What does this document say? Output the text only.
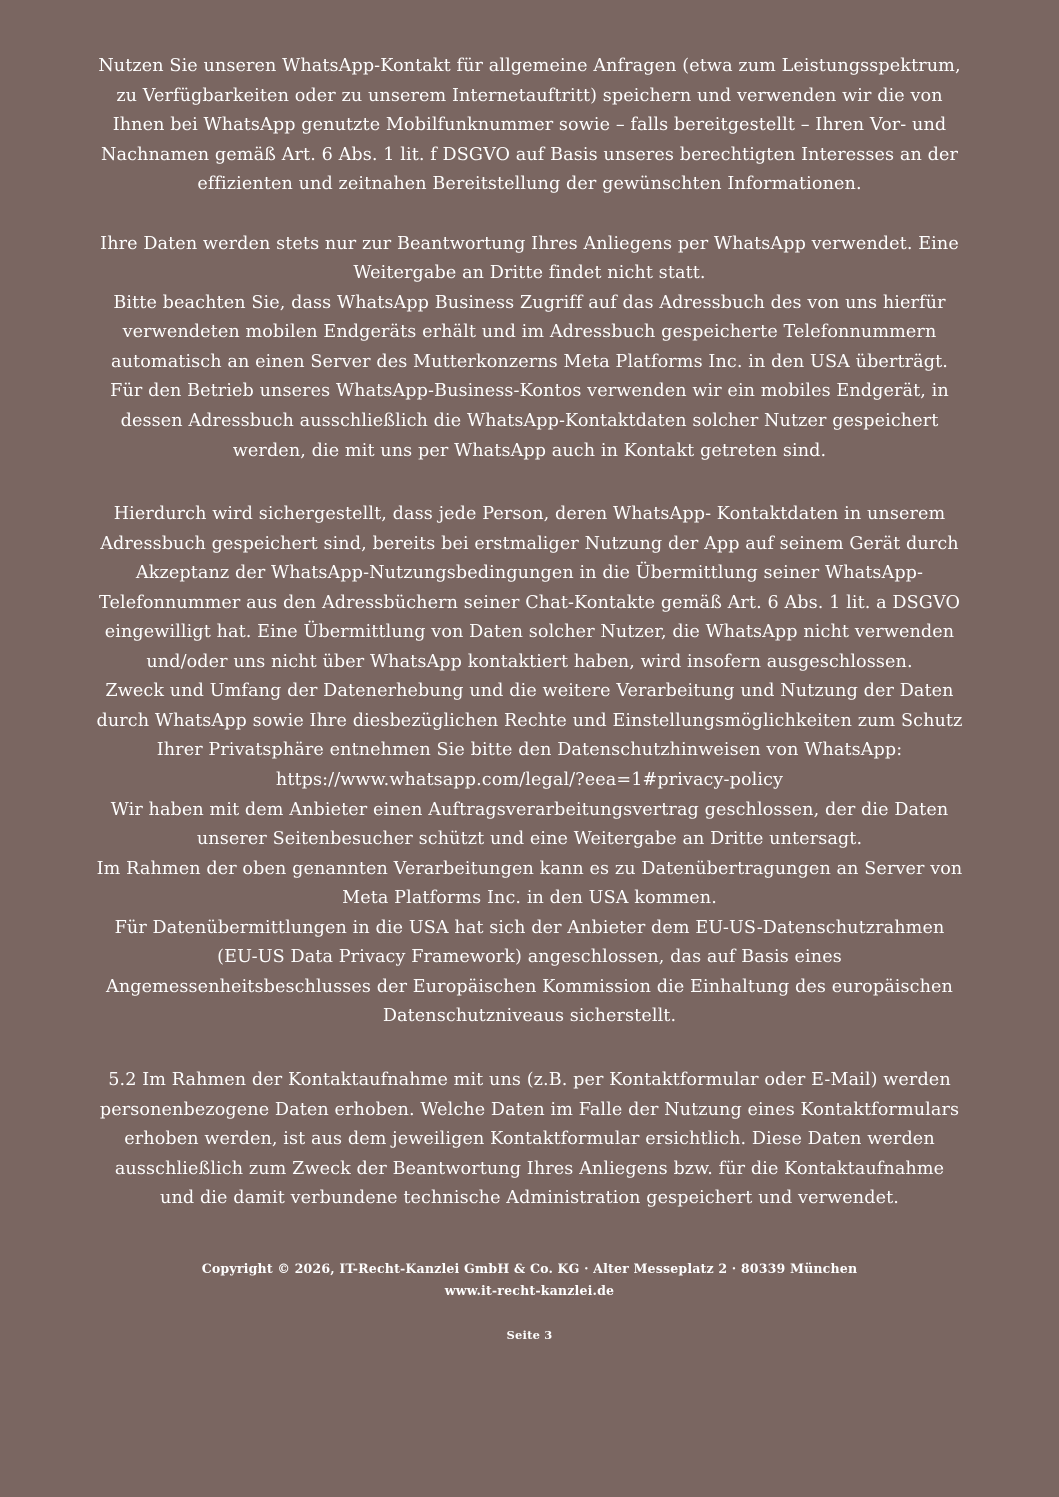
Nutzen Sie unseren WhatsApp-Kontakt für allgemeine Anfragen (etwa zum Leistungsspektrum, zu Verfügbarkeiten oder zu unserem Internetauftritt) speichern und verwenden wir die von Ihnen bei WhatsApp genutzte Mobilfunknummer sowie – falls bereitgestellt – Ihren Vor- und Nachnamen gemäß Art. 6 Abs. 1 lit. f DSGVO auf Basis unseres berechtigten Interesses an der effizienten und zeitnahen Bereitstellung der gewünschten Informationen.

Ihre Daten werden stets nur zur Beantwortung Ihres Anliegens per WhatsApp verwendet. Eine Weitergabe an Dritte findet nicht statt.

Bitte beachten Sie, dass WhatsApp Business Zugriff auf das Adressbuch des von uns hierfür verwendeten mobilen Endgeräts erhält und im Adressbuch gespeicherte Telefonnummern automatisch an einen Server des Mutterkonzerns Meta Platforms Inc. in den USA überträgt. Für den Betrieb unseres WhatsApp-Business-Kontos verwenden wir ein mobiles Endgerät, in dessen Adressbuch ausschließlich die WhatsApp-Kontaktdaten solcher Nutzer gespeichert werden, die mit uns per WhatsApp auch in Kontakt getreten sind.

Hierdurch wird sichergestellt, dass jede Person, deren WhatsApp- Kontaktdaten in unserem Adressbuch gespeichert sind, bereits bei erstmaliger Nutzung der App auf seinem Gerät durch Akzeptanz der WhatsApp-Nutzungsbedingungen in die Übermittlung seiner WhatsApp-Telefonnummer aus den Adressbüchern seiner Chat-Kontakte gemäß Art. 6 Abs. 1 lit. a DSGVO eingewilligt hat. Eine Übermittlung von Daten solcher Nutzer, die WhatsApp nicht verwenden und/oder uns nicht über WhatsApp kontaktiert haben, wird insofern ausgeschlossen.

Zweck und Umfang der Datenerhebung und die weitere Verarbeitung und Nutzung der Daten durch WhatsApp sowie Ihre diesbezüglichen Rechte und Einstellungsmöglichkeiten zum Schutz Ihrer Privatsphäre entnehmen Sie bitte den Datenschutzhinweisen von WhatsApp: https://www.whatsapp.com/legal/?eea=1#privacy-policy

Wir haben mit dem Anbieter einen Auftragsverarbeitungsvertrag geschlossen, der die Daten unserer Seitenbesucher schützt und eine Weitergabe an Dritte untersagt.

Im Rahmen der oben genannten Verarbeitungen kann es zu Datenübertragungen an Server von Meta Platforms Inc. in den USA kommen.

Für Datenübermittlungen in die USA hat sich der Anbieter dem EU-US-Datenschutzrahmen (EU-US Data Privacy Framework) angeschlossen, das auf Basis eines Angemessenheitsbeschlusses der Europäischen Kommission die Einhaltung des europäischen Datenschutzniveaus sicherstellt.

5.2 Im Rahmen der Kontaktaufnahme mit uns (z.B. per Kontaktformular oder E-Mail) werden personenbezogene Daten erhoben. Welche Daten im Falle der Nutzung eines Kontaktformulars erhoben werden, ist aus dem jeweiligen Kontaktformular ersichtlich. Diese Daten werden ausschließlich zum Zweck der Beantwortung Ihres Anliegens bzw. für die Kontaktaufnahme und die damit verbundene technische Administration gespeichert und verwendet.

Copyright © 2026, IT-Recht-Kanzlei GmbH & Co. KG · Alter Messeplatz 2 · 80339 München
www.it-recht-kanzlei.de
Seite 3
